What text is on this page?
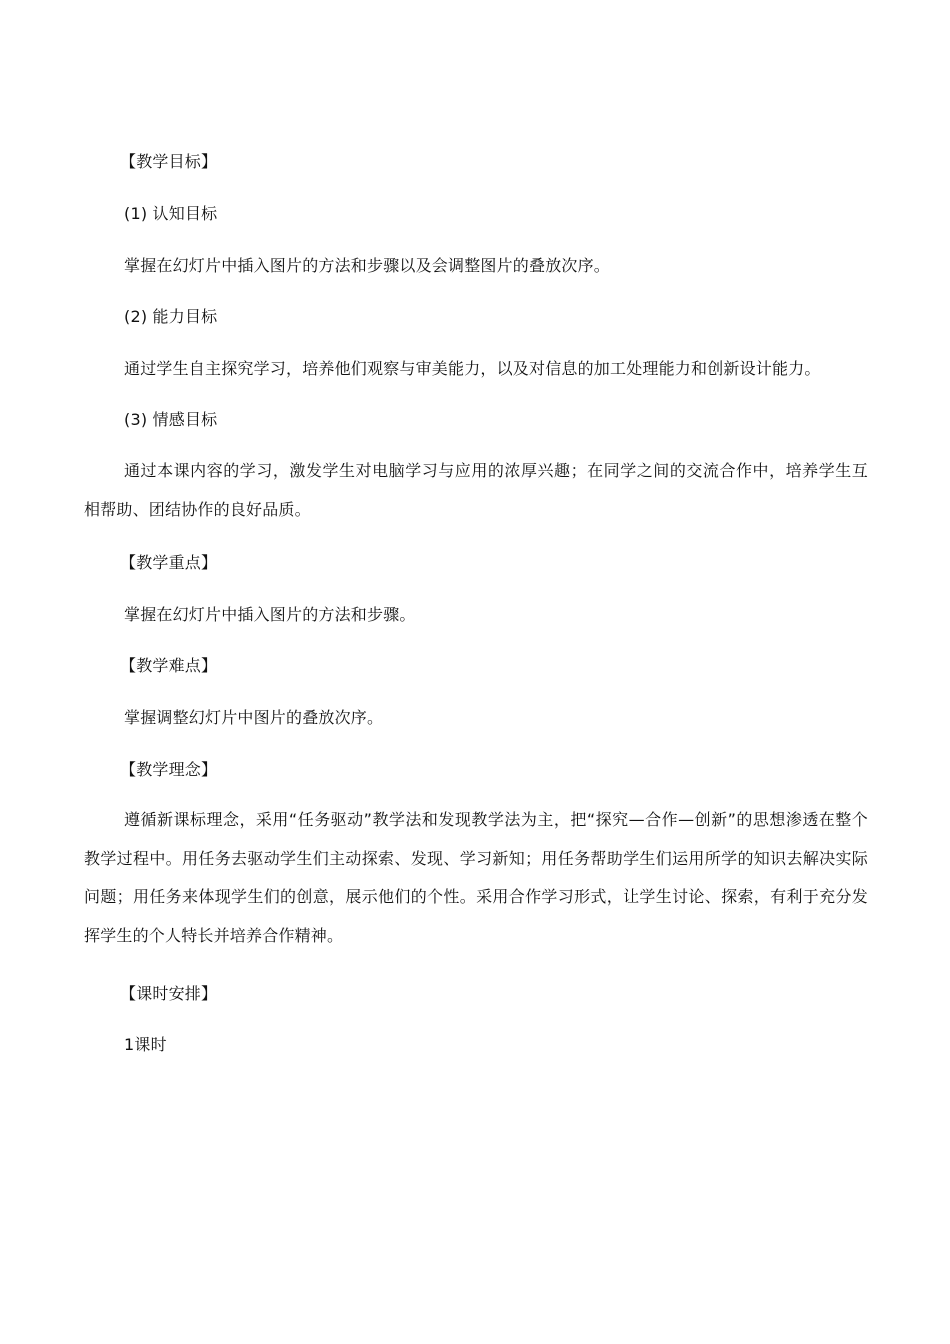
【教学目标】
(1) 认知目标
掌握在幻灯片中插入图片的方法和步骤以及会调整图片的叠放次序。
(2) 能力目标
通过学生自主探究学习，培养他们观察与审美能力，以及对信息的加工处理能力和创新设计能力。
(3) 情感目标

通过本课内容的学习，激发学生对电脑学习与应用的浓厚兴趣；在同学之间的交流合作中，培养学生互相帮助、团结协作的良好品质。

【教学重点】
掌握在幻灯片中插入图片的方法和步骤。
【教学难点】
掌握调整幻灯片中图片的叠放次序。
【教学理念】

遵循新课标理念，采用“任务驱动”教学法和发现教学法为主，把“探究—合作—创新”的思想渗透在整个教学过程中。用任务去驱动学生们主动探索、发现、学习新知；用任务帮助学生们运用所学的知识去解决实际问题；用任务来体现学生们的创意，展示他们的个性。采用合作学习形式，让学生讨论、探索，有利于充分发挥学生的个人特长并培养合作精神。

【课时安排】
1课时
